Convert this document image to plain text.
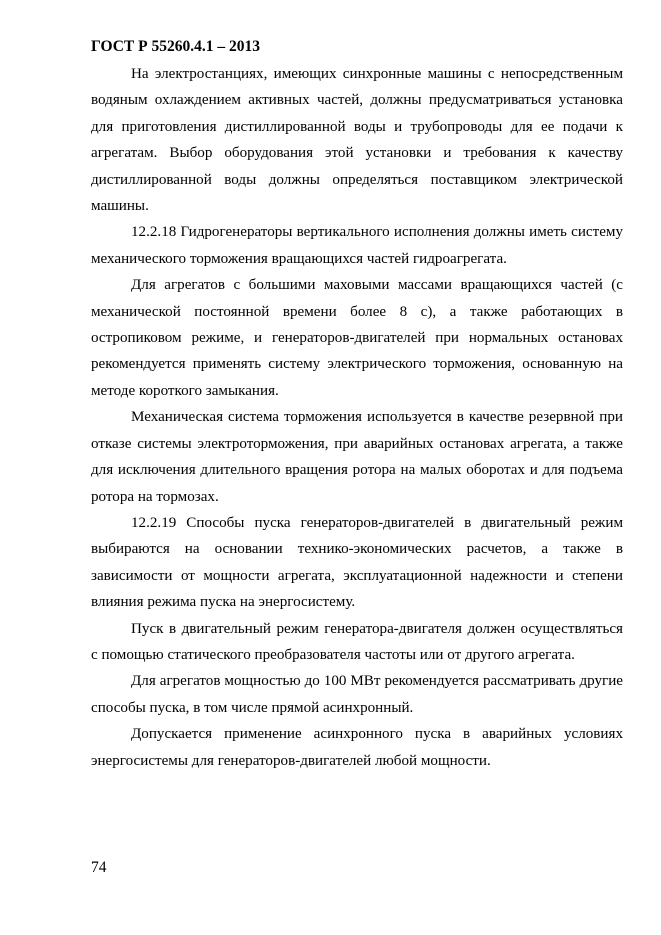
ГОСТ Р 55260.4.1 – 2013

На электростанциях, имеющих синхронные машины с непосредственным водяным охлаждением активных частей, должны предусматриваться установка для приготовления дистиллированной воды и трубопроводы для ее подачи к агрегатам. Выбор оборудования этой установки и требования к качеству дистиллированной воды должны определяться поставщиком электрической машины.

12.2.18 Гидрогенераторы вертикального исполнения должны иметь систему механического торможения вращающихся частей гидроагрегата.

Для агрегатов с большими маховыми массами вращающихся частей (с механической постоянной времени более 8 с), а также работающих в остропиковом режиме, и генераторов-двигателей при нормальных остановах рекомендуется применять систему электрического торможения, основанную на методе короткого замыкания.

Механическая система торможения используется в качестве резервной при отказе системы электроторможения, при аварийных остановах агрегата, а также для исключения длительного вращения ротора на малых оборотах и для подъема ротора на тормозах.

12.2.19 Способы пуска генераторов-двигателей в двигательный режим выбираются на основании технико-экономических расчетов, а также в зависимости от мощности агрегата, эксплуатационной надежности и степени влияния режима пуска на энергосистему.

Пуск в двигательный режим генератора-двигателя должен осуществляться с помощью статического преобразователя частоты или от другого агрегата.

Для агрегатов мощностью до 100 МВт рекомендуется рассматривать другие способы пуска, в том числе прямой асинхронный.

Допускается применение асинхронного пуска в аварийных условиях энергосистемы для генераторов-двигателей любой мощности.

74
